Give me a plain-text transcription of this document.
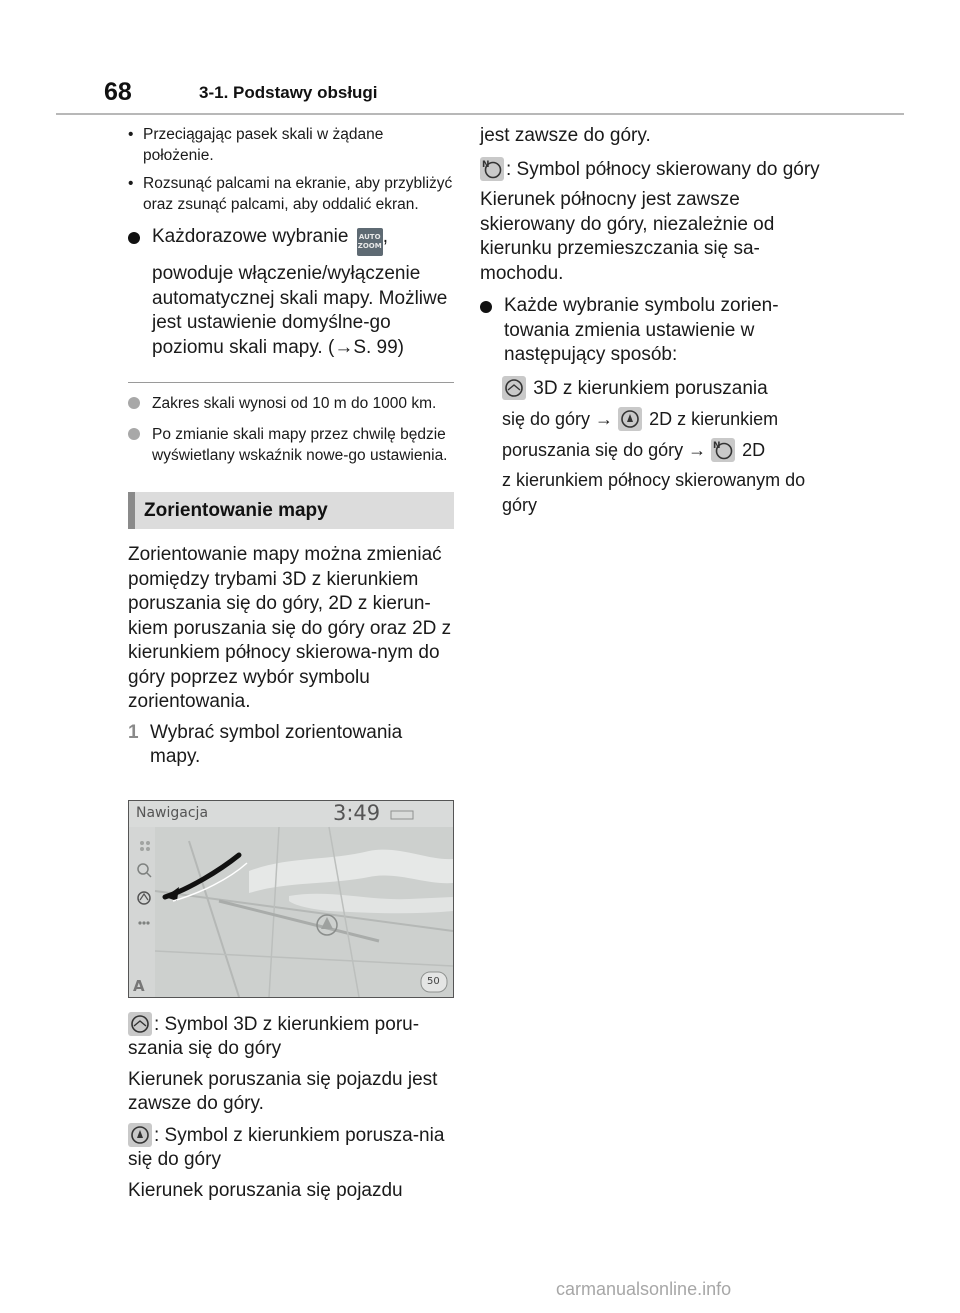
68	3-1. Podstawy obsługi
• Przeciągając pasek skali w żądane położenie.
• Rozsunąć palcami na ekranie, aby przybliżyć oraz zsunąć palcami, aby oddalić ekran.

Każdorazowe wybranie AUTO
ZOOM,

powoduje włączenie/wyłączenie automatycznej skali mapy. Możliwe jest ustawienie domyślne-go poziomu skali mapy. (→S. 99)

Zakres skali wynosi od 10 m do 1000 km.
Po zmianie skali mapy przez chwilę będzie wyświetlany wskaźnik nowe-go ustawienia.
Zorientowanie mapy

Zorientowanie mapy można zmieniać pomiędzy trybami 3D z kierunkiem poruszania się do góry, 2D z kierun-kiem poruszania się do góry oraz 2D z kierunkiem północy skierowa-nym do góry poprzez wybór symbolu zorientowania.

1 Wybrać symbol zorientowania mapy.
Nawigacja	3:49
50
A

: Symbol 3D z kierunkiem poru-szania się do góry

Kierunek poruszania się pojazdu jest zawsze do góry.

: Symbol z kierunkiem porusza-nia się do góry

Kierunek poruszania się pojazdu

jest zawsze do góry.

N : Symbol północy skierowany do góry

Kierunek północny jest zawsze skierowany do góry, niezależnie od kierunku przemieszczania się sa-mochodu.

Każde wybranie symbolu zorien-towania zmienia ustawienie w następujący sposób:

3D z kierunkiem poruszania

się do góry → 2D z kierunkiem

poruszania się do góry → N 2D

z kierunkiem północy skierowanym do góry

carmanualsonline.info
